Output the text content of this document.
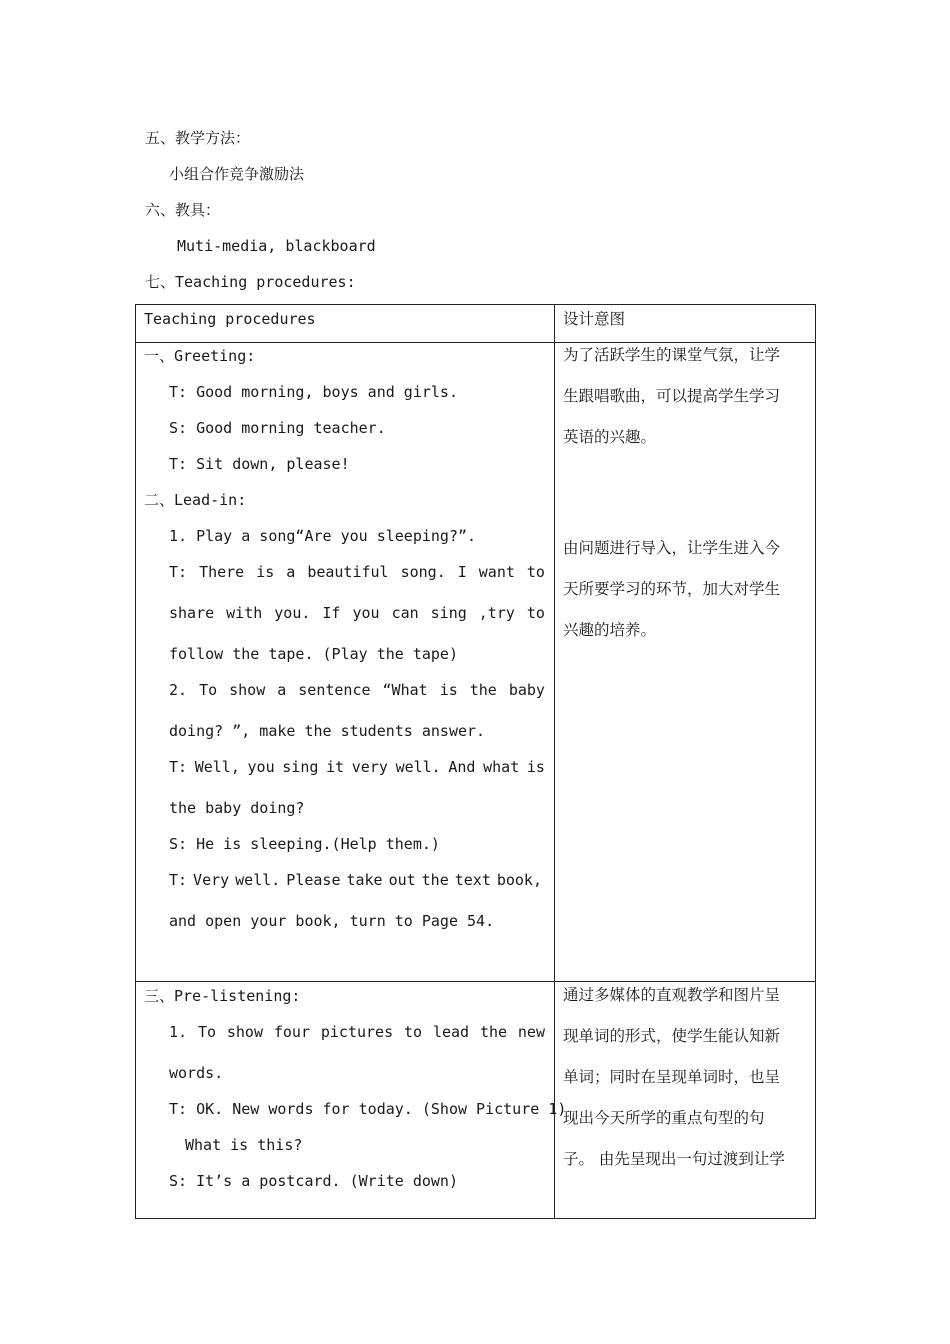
五、教学方法：
小组合作竞争激励法
六、教具：
Muti-media, blackboard
七、Teaching procedures:
Teaching procedures	设计意图
一、Greeting:
T: Good morning, boys and girls.
S: Good morning teacher.
T: Sit down, please!
二、Lead-in:
1. Play a song“Are you sleeping?”.
T: There is a beautiful song. I want to
share with you. If you can sing ,try to
follow the tape. (Play the tape)
2. To show a sentence “What is the baby
doing? ”, make the students answer.
T: Well, you sing it very well. And what is
the baby doing?
S: He is sleeping.(Help them.)
T: Very well. Please take out the text book,
and open your book, turn to Page 54.
为了活跃学生的课堂气氛，让学
生跟唱歌曲，可以提高学生学习
英语的兴趣。
由问题进行导入，让学生进入今
天所要学习的环节，加大对学生
兴趣的培养。
三、Pre-listening:
1. To show four pictures to lead the new
words.
T: OK. New words for today. (Show Picture 1)
What is this?
S: It’s a postcard. (Write down)
通过多媒体的直观教学和图片呈
现单词的形式，使学生能认知新
单词；同时在呈现单词时，也呈
现出今天所学的重点句型的句
子。 由先呈现出一句过渡到让学
